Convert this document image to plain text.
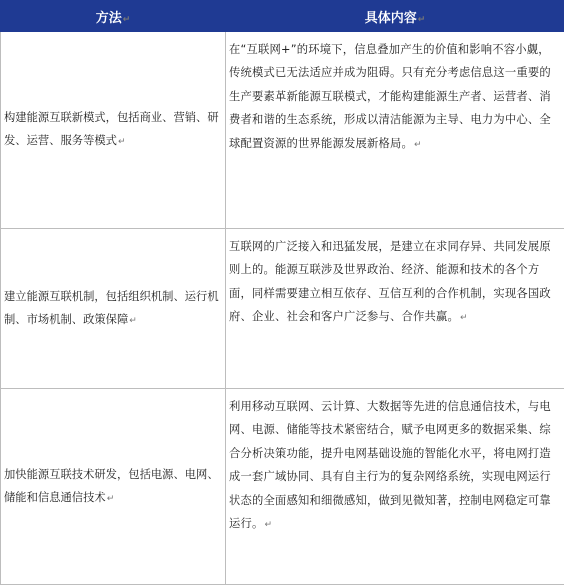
方法↵	具体内容↵
构建能源互联新模式，包括商业、营销、研发、运营、服务等模式↵	在“互联网+”的环境下，信息叠加产生的价值和影响不容小觑，传统模式已无法适应并成为阻碍。只有充分考虑信息这一重要的生产要素革新能源互联模式，才能构建能源生产者、运营者、消费者和谐的生态系统，形成以清洁能源为主导、电力为中心、全球配置资源的世界能源发展新格局。↵
建立能源互联机制，包括组织机制、运行机制、市场机制、政策保障↵	互联网的广泛接入和迅猛发展，是建立在求同存异、共同发展原则上的。能源互联涉及世界政治、经济、能源和技术的各个方面，同样需要建立相互依存、互信互利的合作机制，实现各国政府、企业、社会和客户广泛参与、合作共赢。↵
加快能源互联技术研发，包括电源、电网、储能和信息通信技术↵	利用移动互联网、云计算、大数据等先进的信息通信技术，与电网、电源、储能等技术紧密结合，赋予电网更多的数据采集、综合分析决策功能，提升电网基础设施的智能化水平，将电网打造成一套广域协同、具有自主行为的复杂网络系统，实现电网运行状态的全面感知和细微感知，做到见微知著，控制电网稳定可靠运行。↵
